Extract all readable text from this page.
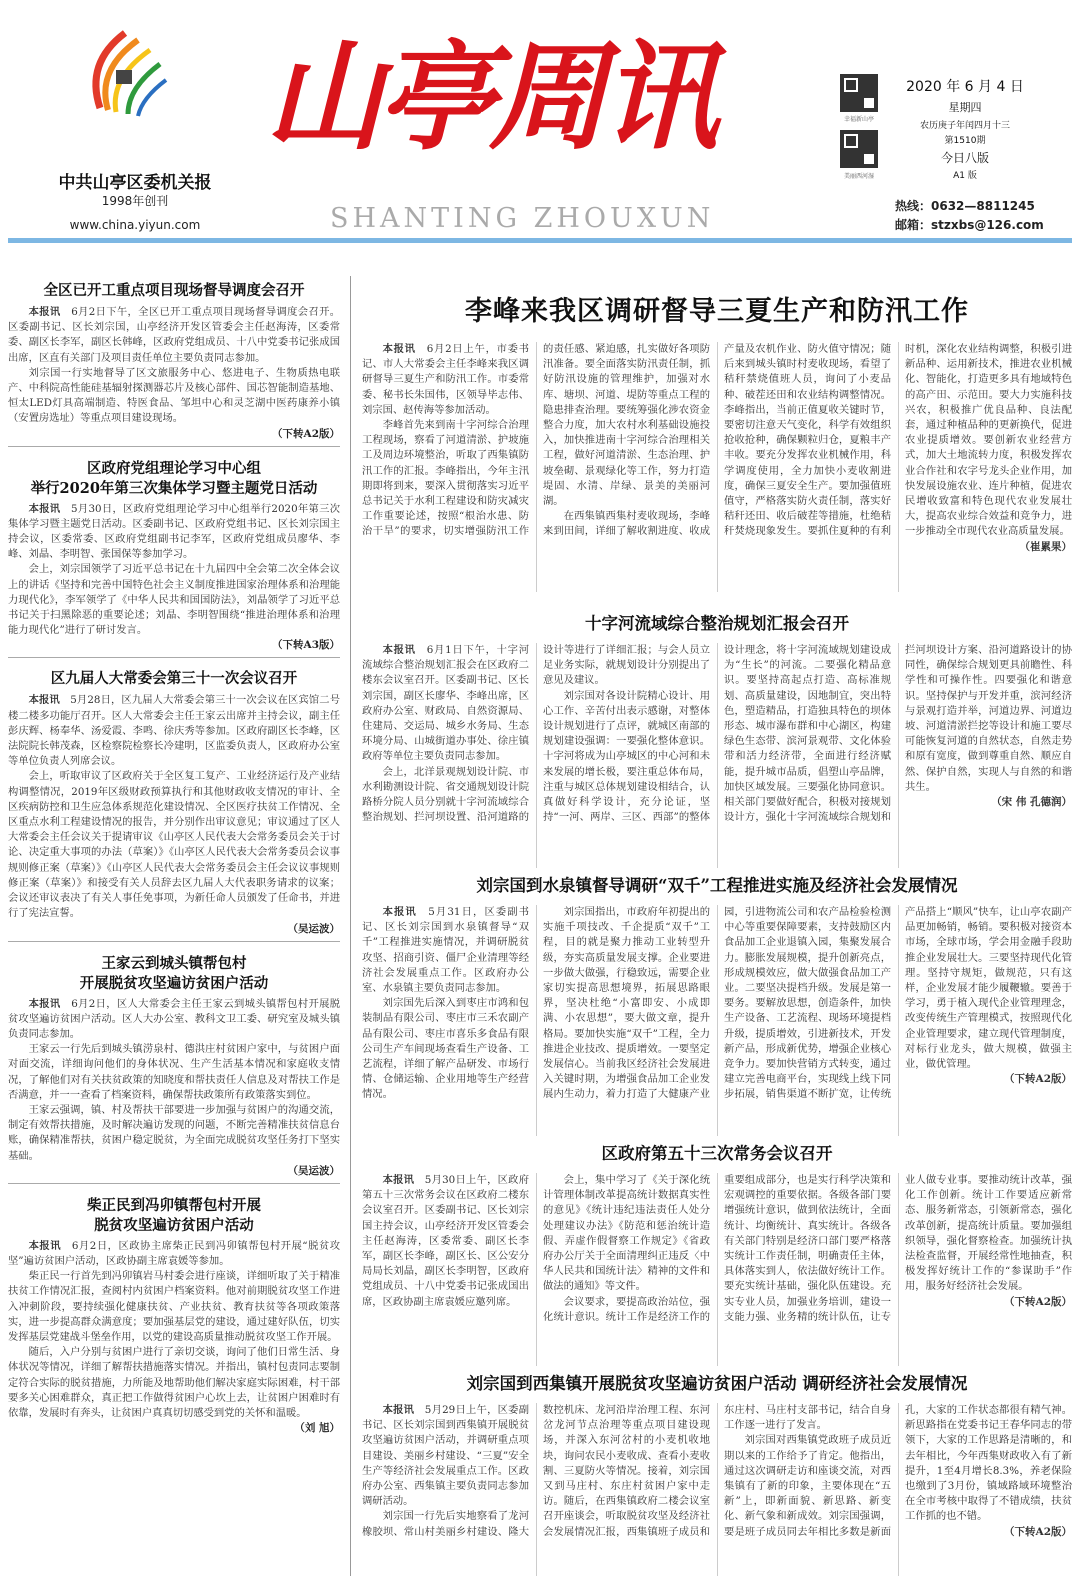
中共山亭区委机关报
1998年创刊
www.china.yiyun.com
山亭周讯
SHANTING ZHOUXUN
幸福新山亭
美丽西河湿
2020 年 6 月 4 日
星期四
农历庚子年闰四月十三
第1510期
今日八版
A1 版
热线：0632—8811245
邮箱：stzxbs@126.com
全区已开工重点项目现场督导调度会召开

本报讯　 6月2日下午，全区已开工重点项目现场督导调度会召开。区委副书记、区长刘宗国，山亭经济开发区管委会主任赵海涛，区委常委、副区长李军，副区长韩峰，区政府党组成员、十八中党委书记张成国出席，区直有关部门及项目责任单位主要负责同志参加。

刘宗国一行实地督导了区文旅服务中心、悠进电子、生物质热电联产、中科院高性能硅基辐射探测器芯片及核心部件、国芯智能制造基地、恒太LED灯具高端制造、特医食品、邹坦中心和灵芝湖中医药康养小镇（安置房选址）等重点项目建设现场。

（下转A2版）
区政府党组理论学习中心组
举行2020年第三次集体学习暨主题党日活动

本报讯　 5月30日，区政府党组理论学习中心组举行2020年第三次集体学习暨主题党日活动。区委副书记、区政府党组书记、区长刘宗国主持会议，区委常委、区政府党组副书记李军，区政府党组成员廖华、李峰、刘晶、李明智、张国保等参加学习。

会上，刘宗国领学了习近平总书记在十九届四中全会第二次全体会议上的讲话《坚持和完善中国特色社会主义制度推进国家治理体系和治理能力现代化》，李军领学了《中华人民共和国国防法》，刘晶领学了习近平总书记关于扫黑除恶的重要论述；刘晶、李明智围绕“推进治理体系和治理能力现代化”进行了研讨发言。

（下转A3版）
区九届人大常委会第三十一次会议召开

本报讯　 5月28日，区九届人大常委会第三十一次会议在区宾馆二号楼二楼多功能厅召开。区人大常委会主任王家云出席并主持会议，副主任彭庆辉、杨奉华、汤爱霞、李鸣、徐庆秀等参加。区政府副区长李峰，区法院院长韩茂森，区检察院检察长冷建明，区监委负责人，区政府办公室等单位负责人列席会议。

会上，听取审议了区政府关于全区复工复产、工业经济运行及产业结构调整情况，2019年区级财政预算执行和其他财政收支情况的审计、全区疾病防控和卫生应急体系规范化建设情况、全区医疗扶贫工作情况、全区重点水利工程建设情况的报告，并分别作出审议意见；审议通过了区人大常委会主任会议关于提请审议《山亭区人民代表大会常务委员会关于讨论、决定重大事项的办法（草案）》《山亭区人民代表大会常务委员会议事规则修正案（草案）》《山亭区人民代表大会常务委员会主任会议议事规则修正案（草案）》和接受有关人员辞去区九届人大代表职务请求的议案；会议还审议表决了有关人事任免事项，为新任命人员颁发了任命书，并进行了宪法宣誓。

（吴运波）
王家云到城头镇帮包村
开展脱贫攻坚遍访贫困户活动

本报讯　 6月2日，区人大常委会主任王家云到城头镇帮包村开展脱贫攻坚遍访贫困户活动。区人大办公室、教科文卫工委、研究室及城头镇负责同志参加。

王家云一行先后到城头镇涝泉村、德洪庄村贫困户家中，与贫困户面对面交流，详细询问他们的身体状况、生产生活基本情况和家庭收支情况，了解他们对有关扶贫政策的知晓度和帮扶责任人信息及对帮扶工作是否满意，并一一查看了档案资料，确保帮扶政策所有政策落实到位。

王家云强调，镇、村及帮扶干部要进一步加强与贫困户的沟通交流，制定有效帮扶措施，及时解决遍访发现的问题，不断完善精准扶贫信息台账，确保精准帮扶，贫困户稳定脱贫，为全面完成脱贫攻坚任务打下坚实基础。

（吴运波）
柴正民到冯卯镇帮包村开展
脱贫攻坚遍访贫困户活动

本报讯　 6月2日，区政协主席柴正民到冯卯镇帮包村开展“脱贫攻坚”遍访贫困户活动，区政协副主席袁媛等参加。

柴正民一行首先到冯卯镇岩马村委会进行座谈，详细听取了关于精准扶贫工作情况汇报，查阅村内贫困户档案资料。他对前期脱贫攻坚工作进入冲刺阶段，要持续强化健康扶贫、产业扶贫、教育扶贫等各项政策落实，进一步提高群众满意度；要加强基层党的建设，通过建好队伍，切实发挥基层党建战斗堡垒作用，以党的建设高质量推动脱贫攻坚工作开展。

随后，入户分别与贫困户进行了亲切交谈，询问了他们日常生活、身体状况等情况，详细了解帮扶措施落实情况。并指出，镇村包责同志要制定符合实际的脱贫措施，力所能及地帮助他们解决家庭实际困难，村干部要多关心困难群众，真正把工作做得贫困户心坎上去，让贫困户困难时有依靠，发展时有奔头，让贫困户真真切切感受到党的关怀和温暖。

（刘 旭）
李峰来我区调研督导三夏生产和防汛工作

本报讯　 6月2日上午，市委书记、市人大常委会主任李峰来我区调研督导三夏生产和防汛工作。市委常委、秘书长朱国伟，区领导毕志伟、刘宗国、赵传海等参加活动。

李峰首先来到南十字河综合治理工程现场，察看了河道清淤、护坡施工及周边环境整治，听取了西集镇防汛工作的汇报。李峰指出，今年主汛期即将到来，要深入贯彻落实习近平总书记关于水利工程建设和防灾减灾工作重要论述，按照“根治水患、防治干旱”的要求，切实增强防汛工作的责任感、紧迫感，扎实做好各项防汛准备。要全面落实防汛责任制，抓好防汛设施的管理维护，加强对水库、塘坝、河道、堤防等重点工程的隐患排查治理。要统筹强化涉农资金整合力度，加大农村水利基础设施投入，加快推进南十字河综合治理相关工程，做好河道清淤、生态治理、护坡垒砌、景观绿化等工作，努力打造堤固、水清、岸绿、景美的美丽河湖。

在西集镇西集村麦收现场，李峰来到田间，详细了解收割进度、收成产量及农机作业、防火值守情况；随后来到城头镇时村麦收现场，看望了秸秆禁烧值班人员，询问了小麦品种、破茬还田和农业结构调整情况。李峰指出，当前正值夏收关键时节，要密切注意天气变化，科学有效组织抢收抢种，确保颗粒归仓，夏粮丰产丰收。要充分发挥农业机械作用，科学调度使用，全力加快小麦收割进度，确保三夏安全生产。要加强值班值守，严格落实防火责任制，落实好秸秆还田、收后破茬等措施，杜绝秸秆焚烧现象发生。要抓住夏种的有利时机，深化农业结构调整，积极引进新品种、运用新技术，推进农业机械化、智能化，打造更多具有地域特色的高产田、示范田。要大力实施科技兴农，积极推广优良品种、良法配套，通过种植品种的更新换代，促进农业提质增效。要创新农业经营方式，加大土地流转力度，积极发挥农业合作社和农字号龙头企业作用，加快发展设施农业、连片种植，促进农民增收致富和特色现代农业发展壮大，提高农业综合效益和竞争力，进一步推动全市现代农业高质量发展。

（崔累果）
十字河流域综合整治规划汇报会召开

本报讯　 6月1日下午，十字河流域综合整治规划汇报会在区政府二楼东会议室召开。区委副书记、区长刘宗国，副区长廖华、李峰出席，区政府办公室、财政局、自然资源局、住建局、交运局、城乡水务局、生态环境分局、山城街道办事处、徐庄镇政府等单位主要负责同志参加。

会上，北洋景观规划设计院、市水利勘测设计院、省交通规划设计院路桥分院人员分别就十字河流域综合整治规划、拦河坝设置、沿河道路的设计等进行了详细汇报；与会人员立足业务实际，就规划设计分别提出了意见及建议。

刘宗国对各设计院精心设计、用心工作、辛苦付出表示感谢，对整体设计规划进行了点评，就城区南部的规划建设强调：一要强化整体意识。十字河将成为山亭城区的中心河和未来发展的增长极，要注重总体布局，注重与城区总体规划建设相结合，认真做好科学设计，充分论证，坚持“一河、两岸、三区、西部”的整体设计理念，将十字河流域规划建设成为“生长”的河流。二要强化精品意识。要坚持高起点打造、高标准规划、高质量建设，因地制宜，突出特色，塑造精品，打造独具特色的坝体形态、城市瀑布群和中心湖区，构建绿色生态带、滨河景观带、文化体验带和活力经济带，全面进行经济赋能，提升城市品质，倡塑山亭品牌，加快区域发展。三要强化协同意识。相关部门要做好配合，积极对接规划设计方，强化十字河流域综合规划和拦河坝设计方案、沿河道路设计的协同性，确保综合规划更具前瞻性、科学性和可操作性。四要强化和谐意识。坚持保护与开发并重，滨河经济与景观打造并举，河道边界、河道边坡、河道清淤拦挖等设计和施工要尽可能恢复河道的自然状态，自然走势和原有宽度，做到尊重自然、顺应自然、保护自然，实现人与自然的和谐共生。

（宋 伟 孔德润）
刘宗国到水泉镇督导调研“双千”工程推进实施及经济社会发展情况

本报讯　 5月31日，区委副书记、区长刘宗国到水泉镇督导“双千”工程推进实施情况，并调研脱贫攻坚、招商引资、僵尸企业清理等经济社会发展重点工作。区政府办公室、水泉镇主要负责同志参加。

刘宗国先后深入到枣庄市鸿和包装制品有限公司、枣庄市三禾农副产品有限公司、枣庄市喜乐多食品有限公司生产车间现场查看生产设备、工艺流程，详细了解产品研发、市场行情、仓储运输、企业用地等生产经营情况。

刘宗国指出，市政府年初提出的实施千项技改、千企提质“双千”工程，目的就是聚力推动工业转型升级，夯实高质量发展支撑。企业要进一步做大做强，行稳致远，需要企业家切实提高思想境界，拓展思路眼界，坚决杜绝“小富即安、小成即满、小农思想”，要大做文章，提升格局。要加快实施“双千”工程，全力推进企业技改、提质增效。一要坚定发展信心。当前我区经济社会发展进入关键时期，为增强食品加工企业发展内生动力，着力打造了大健康产业园，引进物流公司和农产品检验检测中心等重要保障要素，支持鼓励区内食品加工企业退镇入园，集聚发展合力。膨胀发展规模，提升创新亮点，形成规模效应，做大做强食品加工产业。二要坚决提档升级。发展是第一要务。要解放思想，创造条件，加快生产设备、工艺流程、现场环境提档升级，提质增效，引进新技术，开发新产品，形成新优势，增强企业核心竞争力。要加快营销方式转变，通过建立完善电商平台，实现线上线下同步拓展，销售渠道不断扩宽，让传统产品搭上“顺风”快车，让山亭农副产品更加畅销，畅销。要积极对接资本市场，全球市场，学会用金融手段助推企业发展壮大。三要坚持现代化管理。坚持守规矩，做规范，只有这样，企业发展才能少履鞭辙。要善于学习，勇于植入现代企业管理理念，改变传统生产管理模式，按照现代化企业管理要求，建立现代管理制度，对标行业龙头，做大规模，做强主业，做优管理。

（下转A2版）
区政府第五十三次常务会议召开

本报讯　 5月30日上午，区政府第五十三次常务会议在区政府二楼东会议室召开。区委副书记、区长刘宗国主持会议，山亭经济开发区管委会主任赵海涛，区委常委、副区长李军，副区长李峰，副区长、区公安分局局长刘晶，副区长李明智，区政府党组成员、十八中党委书记张成国出席，区政协副主席袁媛应邀列席。

会上，集中学习了《关于深化统计管理体制改革提高统计数据真实性的意见》《统计违纪违法责任人处分处理建议办法》《防范和惩治统计造假、弄虚作假督察工作规定》《省政府办公厅关于全面清理纠正违反〈中华人民共和国统计法〉精神的文件和做法的通知》等文件。

会议要求，要提高政治站位，强化统计意识。统计工作是经济工作的重要组成部分，也是实行科学决策和宏观调控的重要依据。各级各部门要增强统计意识，做到依法统计，全面统计、均衡统计、真实统计。各级各有关部门特别是经济口部门要严格落实统计工作责任制，明确责任主体，具体落实到人，依法做好统计工作。要充实统计基础，强化队伍建设。充实专业人员，加强业务培训，建设一支能力强、业务精的统计队伍，让专业人做专业事。要推动统计改革，强化工作创新。统计工作要适应新常态、服务新常态，引领新常态，强化改革创新，提高统计质量。要加强组织领导，强化督察检查。加强统计执法检查监督，开展经常性地抽查，积极发挥好统计工作的“参谋助手”作用，服务好经济社会发展。

（下转A2版）
刘宗国到西集镇开展脱贫攻坚遍访贫困户活动 调研经济社会发展情况

本报讯　 5月29日上午，区委副书记、区长刘宗国到西集镇开展脱贫攻坚遍访贫困户活动，并调研重点项目建设、美丽乡村建设、“三夏”安全生产等经济社会发展重点工作。区政府办公室、西集镇主要负责同志参加调研活动。

刘宗国一行先后实地察看了龙河橡胶坝、常山村美丽乡村建设、隆大数控机床、龙河沿岸治理工程、东河岔龙河节点治理等重点项目建设现场，并深入东河岔村的小麦机收地块，询问农民小麦收成、查看小麦收割、三夏防火等情况。接着，刘宗国又到马庄村、东庄村贫困户家中走访。随后，在西集镇政府二楼会议室召开座谈会，听取脱贫攻坚及经济社会发展情况汇报，西集镇班子成员和东庄村、马庄村支部书记，结合自身工作逐一进行了发言。

刘宗国对西集镇党政班子成员近期以来的工作给予了肯定。他指出，通过这次调研走访和座谈交流，对西集镇有了新的印象，主要体现在“五新”上，即新面貌、新思路、新变化、新气象和新成效。刘宗国强调，要是班子成员同去年相比多数是新面孔，大家的工作状态都很有精气神。新思路指在党委书记王春华同志的带领下，大家的工作思路是清晰的，和去年相比，今年西集财政收入有了新提升，1至4月增长8.3%，养老保险也缴到了3月份，镇域路域环境整治在全市考核中取得了不错成绩，扶贫工作抓的也不错。

（下转A2版）
